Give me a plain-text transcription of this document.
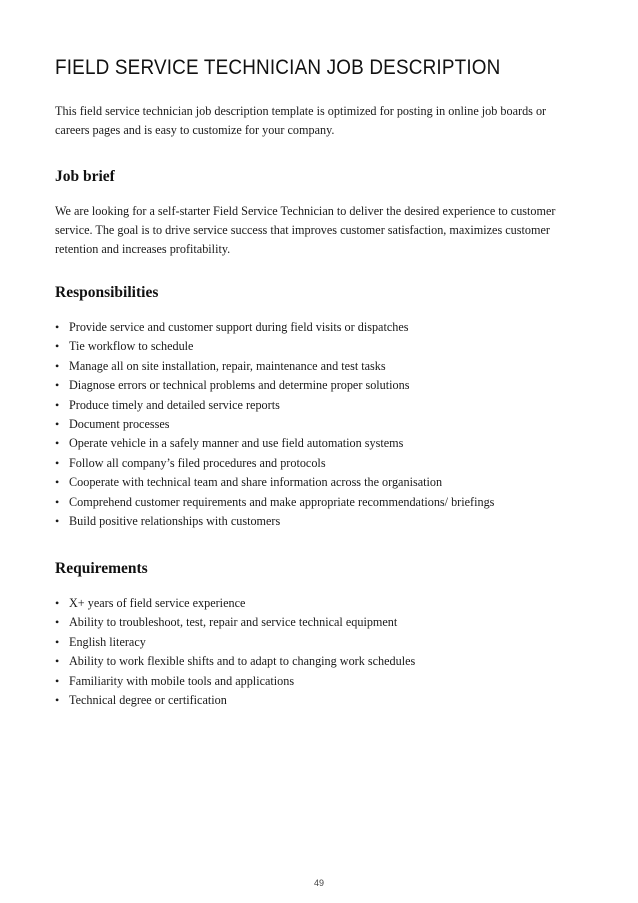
FIELD SERVICE TECHNICIAN JOB DESCRIPTION

This field service technician job description template is optimized for posting in online job boards or careers pages and is easy to customize for your company.

Job brief

We are looking for a self-starter Field Service Technician to deliver the desired experience to customer service. The goal is to drive service success that improves customer satisfaction, maximizes customer retention and increases profitability.

Responsibilities
• Provide service and customer support during field visits or dispatches
• Tie workflow to schedule
• Manage all on site installation, repair, maintenance and test tasks
• Diagnose errors or technical problems and determine proper solutions
• Produce timely and detailed service reports
• Document processes
• Operate vehicle in a safely manner and use field automation systems
• Follow all company’s filed procedures and protocols
• Cooperate with technical team and share information across the organisation
• Comprehend customer requirements and make appropriate recommendations/ briefings
• Build positive relationships with customers
Requirements
• X+ years of field service experience
• Ability to troubleshoot, test, repair and service technical equipment
• English literacy
• Ability to work flexible shifts and to adapt to changing work schedules
• Familiarity with mobile tools and applications
• Technical degree or certification
49
